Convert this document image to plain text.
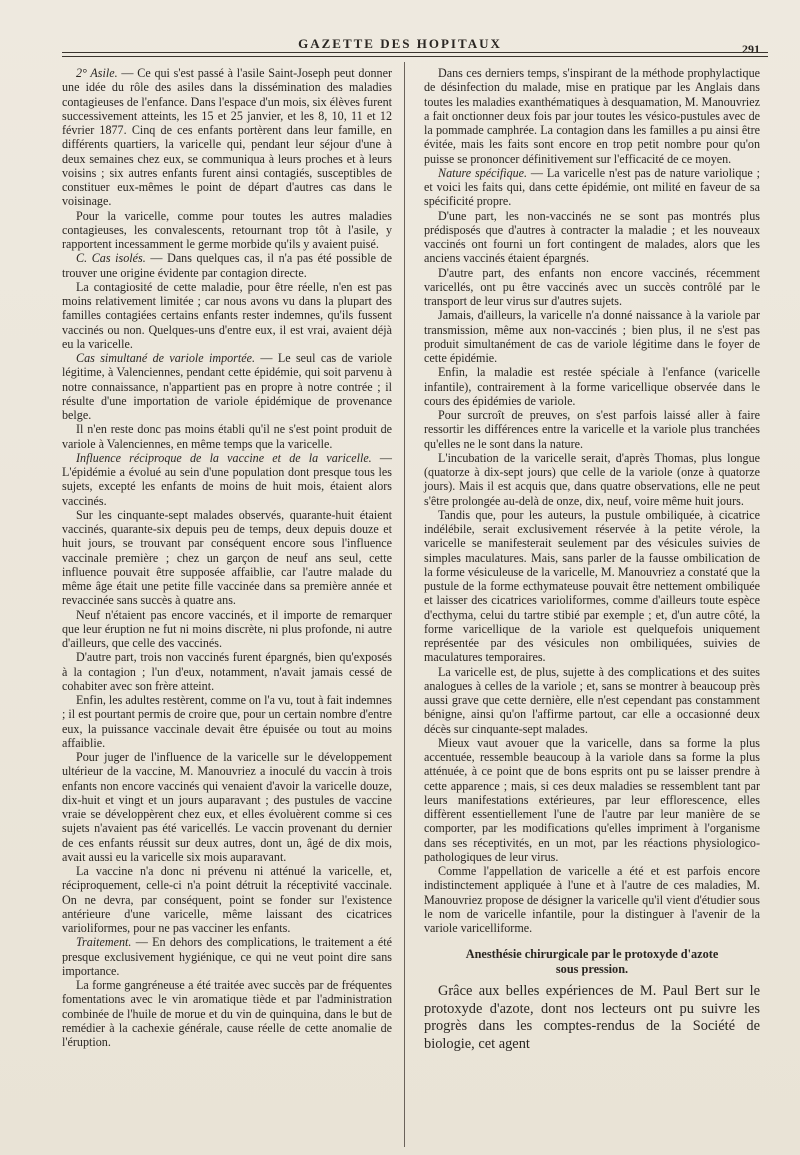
GAZETTE DES HOPITAUX	291

2° Asile. — Ce qui s'est passé à l'asile Saint-Joseph peut donner une idée du rôle des asiles dans la dissémination des maladies contagieuses de l'enfance. Dans l'espace d'un mois, six élèves furent successivement atteints, les 15 et 25 janvier, et les 8, 10, 11 et 12 février 1877. Cinq de ces enfants portèrent dans leur famille, en différents quartiers, la varicelle qui, pendant leur séjour d'une à deux semaines chez eux, se communiqua à leurs proches et à leurs voisins ; six autres enfants furent ainsi contagiés, susceptibles de constituer eux-mêmes le point de départ d'autres cas dans le voisinage.

Pour la varicelle, comme pour toutes les autres maladies contagieuses, les convalescents, retournant trop tôt à l'asile, y rapportent incessamment le germe morbide qu'ils y avaient puisé.

C. Cas isolés. — Dans quelques cas, il n'a pas été possible de trouver une origine évidente par contagion directe.

La contagiosité de cette maladie, pour être réelle, n'en est pas moins relativement limitée ; car nous avons vu dans la plupart des familles contagiées certains enfants rester indemnes, qu'ils fussent vaccinés ou non. Quelques-uns d'entre eux, il est vrai, avaient déjà eu la varicelle.

Cas simultané de variole importée. — Le seul cas de variole légitime, à Valenciennes, pendant cette épidémie, qui soit parvenu à notre connaissance, n'appartient pas en propre à notre contrée ; il résulte d'une importation de variole épidémique de provenance belge.

Il n'en reste donc pas moins établi qu'il ne s'est point produit de variole à Valenciennes, en même temps que la varicelle.

Influence réciproque de la vaccine et de la varicelle. — L'épidémie a évolué au sein d'une population dont presque tous les sujets, excepté les enfants de moins de huit mois, étaient alors vaccinés.

Sur les cinquante-sept malades observés, quarante-huit étaient vaccinés, quarante-six depuis peu de temps, deux depuis douze et huit jours, se trouvant par conséquent encore sous l'influence vaccinale première ; chez un garçon de neuf ans seul, cette influence pouvait être supposée affaiblie, car l'autre malade du même âge était une petite fille vaccinée dans sa première année et revaccinée sans succès à quatre ans.

Neuf n'étaient pas encore vaccinés, et il importe de remarquer que leur éruption ne fut ni moins discrète, ni plus profonde, ni autre d'ailleurs, que celle des vaccinés.

D'autre part, trois non vaccinés furent épargnés, bien qu'exposés à la contagion ; l'un d'eux, notamment, n'avait jamais cessé de cohabiter avec son frère atteint.

Enfin, les adultes restèrent, comme on l'a vu, tout à fait indemnes ; il est pourtant permis de croire que, pour un certain nombre d'entre eux, la puissance vaccinale devait être épuisée ou tout au moins affaiblie.

Pour juger de l'influence de la varicelle sur le développement ultérieur de la vaccine, M. Manouvriez a inoculé du vaccin à trois enfants non encore vaccinés qui venaient d'avoir la varicelle douze, dix-huit et vingt et un jours auparavant ; des pustules de vaccine vraie se développèrent chez eux, et elles évoluèrent comme si ces sujets n'avaient pas été varicellés. Le vaccin provenant du dernier de ces enfants réussit sur deux autres, dont un, âgé de dix mois, avait aussi eu la varicelle six mois auparavant.

La vaccine n'a donc ni prévenu ni atténué la varicelle, et, réciproquement, celle-ci n'a point détruit la réceptivité vaccinale. On ne devra, par conséquent, point se fonder sur l'existence antérieure d'une varicelle, même laissant des cicatrices varioliformes, pour ne pas vacciner les enfants.

Traitement. — En dehors des complications, le traitement a été presque exclusivement hygiénique, ce qui ne veut point dire sans importance.

La forme gangréneuse a été traitée avec succès par de fréquentes fomentations avec le vin aromatique tiède et par l'administration combinée de l'huile de morue et du vin de quinquina, dans le but de remédier à la cachexie générale, cause réelle de cette anomalie de l'éruption.

Dans ces derniers temps, s'inspirant de la méthode prophylactique de désinfection du malade, mise en pratique par les Anglais dans toutes les maladies exanthématiques à desquamation, M. Manouvriez a fait onctionner deux fois par jour toutes les vésico-pustules avec de la pommade camphrée. La contagion dans les familles a pu ainsi être évitée, mais les faits sont encore en trop petit nombre pour qu'on puisse se prononcer définitivement sur l'efficacité de ce moyen.

Nature spécifique. — La varicelle n'est pas de nature variolique ; et voici les faits qui, dans cette épidémie, ont milité en faveur de sa spécificité propre.

D'une part, les non-vaccinés ne se sont pas montrés plus prédisposés que d'autres à contracter la maladie ; et les nouveaux vaccinés ont fourni un fort contingent de malades, alors que les anciens vaccinés étaient épargnés.

D'autre part, des enfants non encore vaccinés, récemment varicellés, ont pu être vaccinés avec un succès contrôlé par le transport de leur virus sur d'autres sujets.

Jamais, d'ailleurs, la varicelle n'a donné naissance à la variole par transmission, même aux non-vaccinés ; bien plus, il ne s'est pas produit simultanément de cas de variole légitime dans le foyer de cette épidémie.

Enfin, la maladie est restée spéciale à l'enfance (varicelle infantile), contrairement à la forme varicellique observée dans le cours des épidémies de variole.

Pour surcroît de preuves, on s'est parfois laissé aller à faire ressortir les différences entre la varicelle et la variole plus tranchées qu'elles ne le sont dans la nature.

L'incubation de la varicelle serait, d'après Thomas, plus longue (quatorze à dix-sept jours) que celle de la variole (onze à quatorze jours). Mais il est acquis que, dans quatre observations, elle ne peut s'être prolongée au-delà de onze, dix, neuf, voire même huit jours.

Tandis que, pour les auteurs, la pustule ombiliquée, à cicatrice indélébile, serait exclusivement réservée à la petite vérole, la varicelle se manifesterait seulement par des vésicules suivies de simples maculatures. Mais, sans parler de la fausse ombilication de la forme vésiculeuse de la varicelle, M. Manouvriez a constaté que la pustule de la forme ecthymateuse pouvait être nettement ombiliquée et laisser des cicatrices varioliformes, comme d'ailleurs toute espèce d'ecthyma, celui du tartre stibié par exemple ; et, d'un autre côté, la forme varicellique de la variole est quelquefois uniquement représentée par des vésicules non ombiliquées, suivies de maculatures temporaires.

La varicelle est, de plus, sujette à des complications et des suites analogues à celles de la variole ; et, sans se montrer à beaucoup près aussi grave que cette dernière, elle n'est cependant pas constamment bénigne, ainsi qu'on l'affirme partout, car elle a occasionné deux décès sur cinquante-sept malades.

Mieux vaut avouer que la varicelle, dans sa forme la plus accentuée, ressemble beaucoup à la variole dans sa forme la plus atténuée, à ce point que de bons esprits ont pu se laisser prendre à cette apparence ; mais, si ces deux maladies se ressemblent tant par leurs manifestations extérieures, par leur efflorescence, elles diffèrent essentiellement l'une de l'autre par leur manière de se comporter, par les modifications qu'elles impriment à l'organisme dans ses réceptivités, en un mot, par les réactions physiologico-pathologiques de leur virus.

Comme l'appellation de varicelle a été et est parfois encore indistinctement appliquée à l'une et à l'autre de ces maladies, M. Manouvriez propose de désigner la varicelle qu'il vient d'étudier sous le nom de varicelle infantile, pour la distinguer à l'avenir de la variole varicelliforme.

Anesthésie chirurgicale par le protoxyde d'azote
sous pression.

Grâce aux belles expériences de M. Paul Bert sur le protoxyde d'azote, dont nos lecteurs ont pu suivre les progrès dans les comptes-rendus de la Société de biologie, cet agent
